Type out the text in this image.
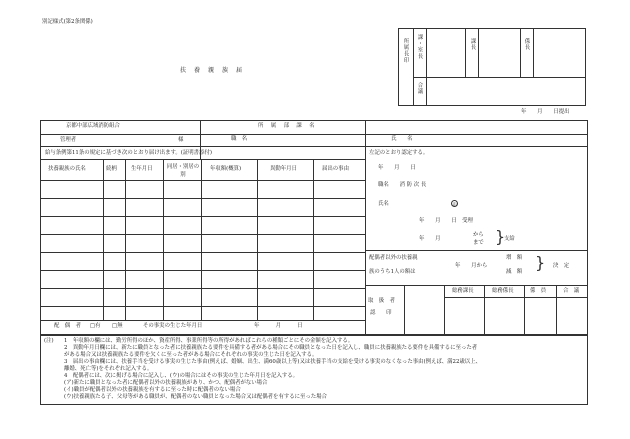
別記様式(第2条関係)
扶　養　親　族　届
所属長印 課・室長	課長	係長
合議
年　　月　　日提出
京都中部広域消防組合
管理者	様
所　属　部　課　名
職　名	氏　　名
給与条例第11条の規定に基づき次のとおり届け出ます。(証明書添付)
扶養親族の氏名	続柄	生年月日	同居・別居の別
年収額(概算)	異動年月日	届出の事由
配　偶　者 □有 □無	その事実の生じた年月日	年　　　月　　　日
左記のとおり認定する。
年　　月　　日
職名　　消 防 次 長
氏名	印
年　　月　　日　受理
年　　月
から
まで }
支給
配偶者以外の扶養親
族のうち1人の額は
年　　月から
増　額
減　額 } 決　定
取　扱　者
認　　印
総務課長	総務係長	係　員	合　議
(注) 1　年収額の欄には、勤労所得のほか、資産所得、事業所得等の所得があればこれらの種類ごとにその金額を記入する。
2　異動年月日欄には、新たに職員となった者に扶養親族たる要件を具備する者がある場合にその職員となった日を記入し、職員に扶養親族たる要件を具備するに至った者
がある場合又は扶養親族たる要件を欠くに至った者がある場合にそれぞれの事実の生じた日を記入する。
3　届出の事由欄には、扶養手当を受ける事実の生じた事由(例えば、婚姻、出生、満60歳以上等)又は扶養手当の支給を受ける事実のなくなった事由(例えば、満22歳以上、
離婚、死亡等)をそれぞれ記入する。
4　配偶者には、次に掲げる場合に記入し、(ウ)の場合にはその事実の生じた年月日を記入する。
(ア)新たに職員となった者に配偶者以外の扶養親族があり、かつ、配偶者がない場合
(イ)職員が配偶者以外の扶養親族を有するに至った時に配偶者のない場合
(ウ)扶養親族たる子、父母等がある職員が、配偶者のない職員となった場合又は配偶者を有するに至った場合
